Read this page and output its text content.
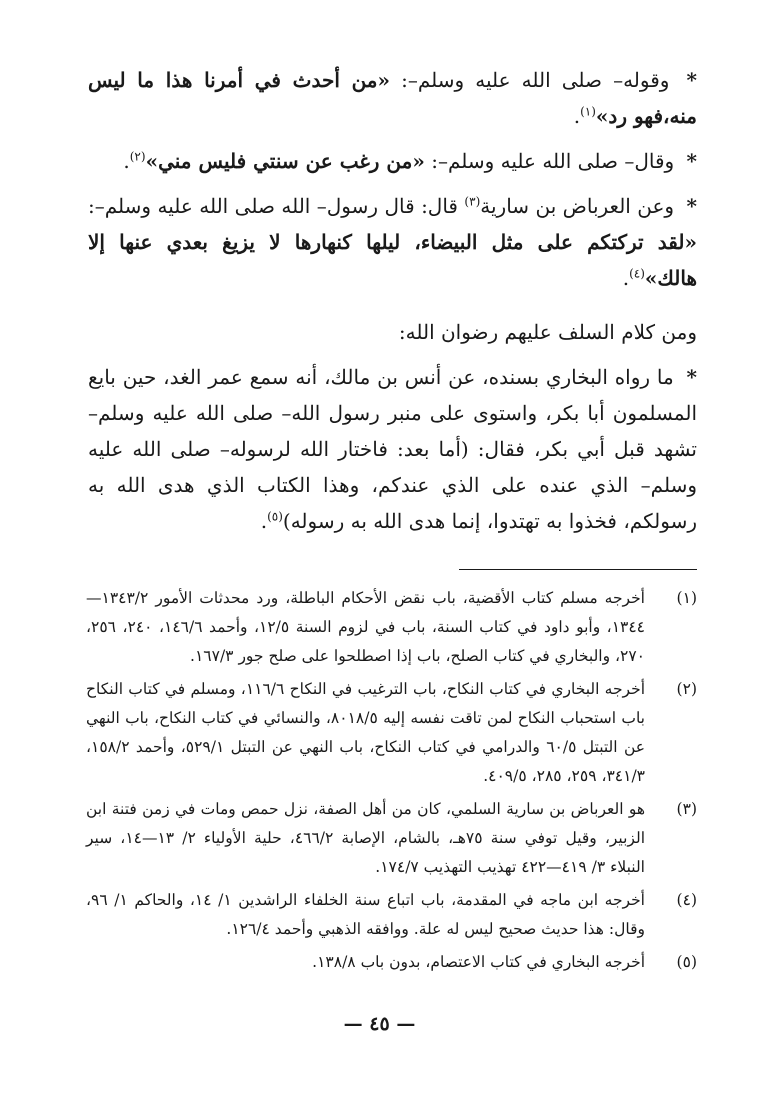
* وقوله– صلى الله عليه وسلم–: «من أحدث في أمرنا هذا ما ليس منه،فهو رد»$^{(١)}$.

* وقال– صلى الله عليه وسلم–: «من رغب عن سنتي فليس مني»$^{(٢)}$.

* وعن العرباض بن سارية$^{(٣)}$ قال: قال رسول– الله صلى الله عليه وسلم–: «لقد تركتكم على مثل البيضاء، ليلها كنهارها لا يزيغ بعدي عنها إلا هالك»$^{(٤)}$.

ومن كلام السلف عليهم رضوان الله:

* ما رواه البخاري بسنده، عن أنس بن مالك، أنه سمع عمر الغد، حين بايع المسلمون أبا بكر، واستوى على منبر رسول الله– صلى الله عليه وسلم– تشهد قبل أبي بكر، فقال: (أما بعد: فاختار الله لرسوله– صلى الله عليه وسلم– الذي عنده على الذي عندكم، وهذا الكتاب الذي هدى الله به رسولكم، فخذوا به تهتدوا، إنما هدى الله به رسوله)$^{(٥)}$.

(١)
أخرجه مسلم كتاب الأقضية، باب نقض الأحكام الباطلة، ورد محدثات الأمور ١٣٤٣/٢—١٣٤٤، وأبو داود في كتاب السنة، باب في لزوم السنة ١٢/٥، وأحمد ١٤٦/٦، ٢٤٠، ٢٥٦، ٢٧٠، والبخاري في كتاب الصلح، باب إذا اصطلحوا على صلح جور ١٦٧/٣.
(٢)
أخرجه البخاري في كتاب النكاح، باب الترغيب في النكاح ١١٦/٦، ومسلم في كتاب النكاح باب استحباب النكاح لمن تاقت نفسه إليه ٨٠١٨/٥، والنسائي في كتاب النكاح، باب النهي عن التبتل ٦٠/٥ والدرامي في كتاب النكاح، باب النهي عن التبتل ٥٢٩/١، وأحمد ١٥٨/٢، ٣٤١/٣، ٢٥٩، ٢٨٥، ٤٠٩/٥.
(٣)
هو العرباض بن سارية السلمي، كان من أهل الصفة، نزل حمص ومات في زمن فتنة ابن الزبير، وقيل توفي سنة ٧٥هـ، بالشام، الإصابة ٤٦٦/٢، حلية الأولياء ٢/ ١٣—١٤، سير النبلاء ٣/ ٤١٩—٤٢٢ تهذيب التهذيب ١٧٤/٧.
(٤)
أخرجه ابن ماجه في المقدمة، باب اتباع سنة الخلفاء الراشدين ١/ ١٤، والحاكم ١/ ٩٦، وقال: هذا حديث صحيح ليس له علة. ووافقه الذهبي وأحمد ١٢٦/٤.
(٥)
أخرجه البخاري في كتاب الاعتصام، بدون باب ١٣٨/٨.
— ٤٥ —
